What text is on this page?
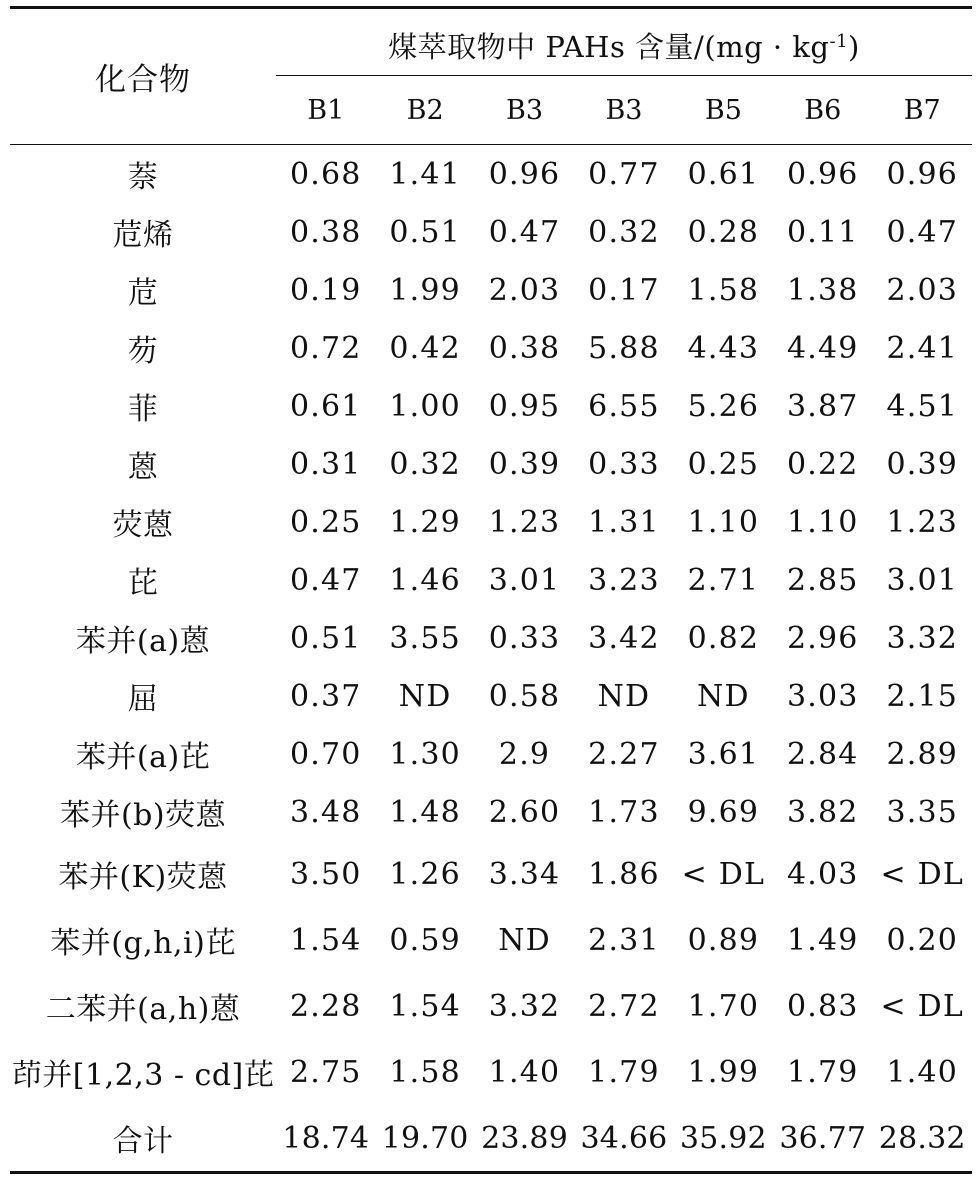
化合物	煤萃取物中 PAHs 含量$/(mg \cdot kg^{-1})$						

	B1	B2	B3	B3	B5	B6	B7
萘	0.68	1.41	0.96	0.77	0.61	0.96	0.96
苊烯	0.38	0.51	0.47	0.32	0.28	0.11	0.47
苊	0.19	1.99	2.03	0.17	1.58	1.38	2.03
芴	0.72	0.42	0.38	5.88	4.43	4.49	2.41
菲	0.61	1.00	0.95	6.55	5.26	3.87	4.51
蒽	0.31	0.32	0.39	0.33	0.25	0.22	0.39
荧蒽	0.25	1.29	1.23	1.31	1.10	1.10	1.23
芘	0.47	1.46	3.01	3.23	2.71	2.85	3.01
苯并(a)蒽	0.51	3.55	0.33	3.42	0.82	2.96	3.32
屈	0.37	ND	0.58	ND	ND	3.03	2.15
苯并(a)芘	0.70	1.30	2.9	2.27	3.61	2.84	2.89
苯并(b)荧蒽	3.48	1.48	2.60	1.73	9.69	3.82	3.35
苯并(K)荧蒽	3.50	1.26	3.34	1.86	< DL	4.03	< DL
苯并(g,h,i)芘	1.54	0.59	ND	2.31	0.89	1.49	0.20
二苯并(a,h)蒽	2.28	1.54	3.32	2.72	1.70	0.83	< DL
茚并[1,2,3 - cd]芘	2.75	1.58	1.40	1.79	1.99	1.79	1.40
合计	18.74	19.70	23.89	34.66	35.92	36.77	28.32
